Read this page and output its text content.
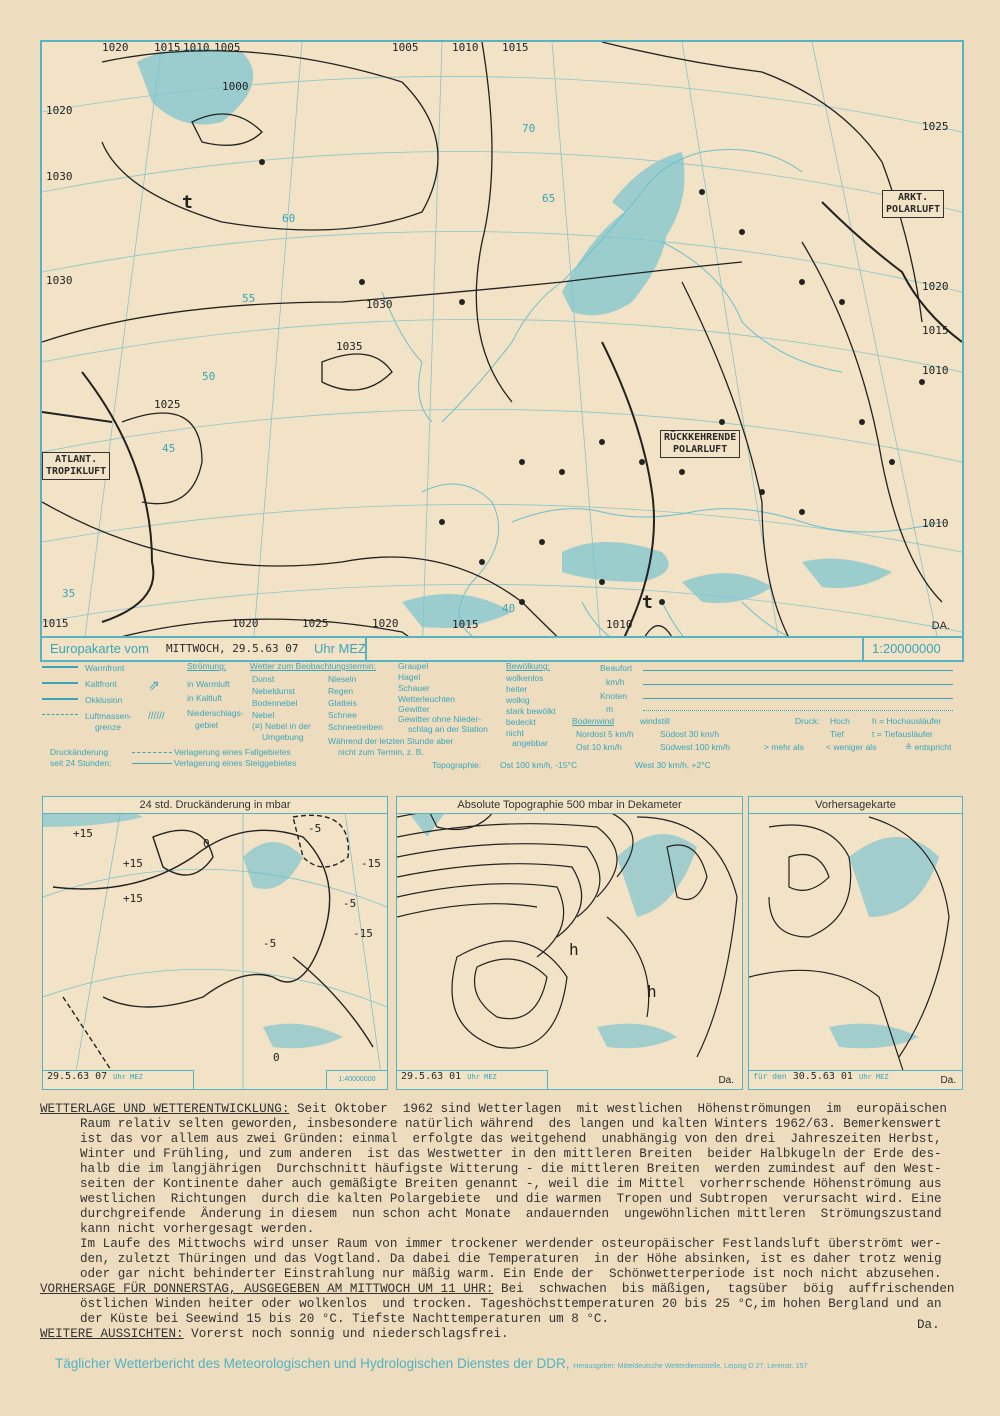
1020 1015 1010 1005
1000
1005	1010 1015
1025
1020
1030
1030
1035
1025
1020
1030
1020
1015
1010
1015	1010
1010
1025	1020
1015
ARKT.
POLARLUFT
RÜCKKEHRENDE
POLARLUFT
ATLANT.
TROPIKLUFT
t
t
70
65
60
55
50
45
40
35
DA.
Europakarte vom MITTWOCH, 29.5.63 07 Uhr MEZ	1:20000000
Warmfront
Kaltfront
Okklusion
Luftmassen-
grenze
Strömung:
in Warmluft
in Kaltluft
Niederschlags-
gebiet
⇗
//////
Wetter zum Beobachtungstermin:
Dunst
Nebeldunst
Bodennebel
Nebel
(≡) Nebel in der
Umgebung
Nieseln
Regen
Glatteis
Schnee
Schneetreiben
Graupel
Hagel
Schauer
Wetterleuchten
Gewitter
Gewitter ohne Nieder-
schlag an der Station
Während der letzten Stunde aber
nicht zum Termin, z. B.
Druckänderung
seit 24 Stunden:
Verlagerung eines Fallgebietes
Verlagerung eines Steiggebietes	Topographie: Ost 100 km/h, -15°C	West 30 km/h, +2°C
Bewölkung:
wolkenlos
heiter
wolkig
stark bewölkt
bedeckt
nicht
angebbar
Beaufort
km/h
Knoten
m
Bodenwind	windstill
Nordost 5 km/h	Südost 30 km/h
Ost 10 km/h	Südwest 100 km/h
Druck: Hoch	h = Hochausläufer
Tief	t = Tiefausläufer
> mehr als	< weniger als	≙ entspricht
24 std. Druckänderung in mbar
+15
+15
+15
-5
-15
-5
-15
0
0
-5
29.5.63 07 Uhr MEZ	1:40000000
Absolute Topographie 500 mbar in Dekameter
h
h
29.5.63 01 Uhr MEZ	Da.
Vorhersagekarte
für den 30.5.63 01 Uhr MEZ	Da.
WETTERLAGE UND WETTERENTWICKLUNG: Seit Oktober  1962 sind Wetterlagen  mit westlichen  Höhenströmungen  im  europäischen
Raum relativ selten geworden, insbesondere natürlich während  des langen und kalten Winters 1962/63. Bemerkenswert
ist das vor allem aus zwei Gründen: einmal  erfolgte das weitgehend  unabhängig von den drei  Jahreszeiten Herbst,
Winter und Frühling, und zum anderen  ist das Westwetter in den mittleren Breiten  beider Halbkugeln der Erde des-
halb die im langjährigen  Durchschnitt häufigste Witterung - die mittleren Breiten  werden zumindest auf den West-
seiten der Kontinente daher auch gemäßigte Breiten genannt -, weil die im Mittel  vorherrschende Höhenströmung aus
westlichen  Richtungen  durch die kalten Polargebiete  und die warmen  Tropen und Subtropen  verursacht wird. Eine
durchgreifende  Änderung in diesem  nun schon acht Monate  andauernden  ungewöhnlichen mittleren  Strömungszustand
kann nicht vorhergesagt werden.
Im Laufe des Mittwochs wird unser Raum von immer trockener werdender osteuropäischer Festlandsluft überströmt wer-
den, zuletzt Thüringen und das Vogtland. Da dabei die Temperaturen  in der Höhe absinken, ist es daher trotz wenig
oder gar nicht behinderter Einstrahlung nur mäßig warm. Ein Ende der  Schönwetterperiode ist noch nicht abzusehen.
VORHERSAGE FÜR DONNERSTAG, AUSGEGEBEN AM MITTWOCH UM 11 UHR: Bei  schwachen  bis mäßigen,  tagsüber  böig  auffrischenden
östlichen Winden heiter oder wolkenlos  und trocken. Tageshöchsttemperaturen 20 bis 25 °C,im hohen Bergland und an
der Küste bei Seewind 15 bis 20 °C. Tiefste Nachttemperaturen um 8 °C.
WEITERE AUSSICHTEN: Vorerst noch sonnig und niederschlagsfrei.
Da.
Täglicher Wetterbericht des Meteorologischen und Hydrologischen Dienstes der DDR, Herausgeber: Mitteldeutsche Wetterdienststelle, Leipzig O 27, Leninstr. 157
